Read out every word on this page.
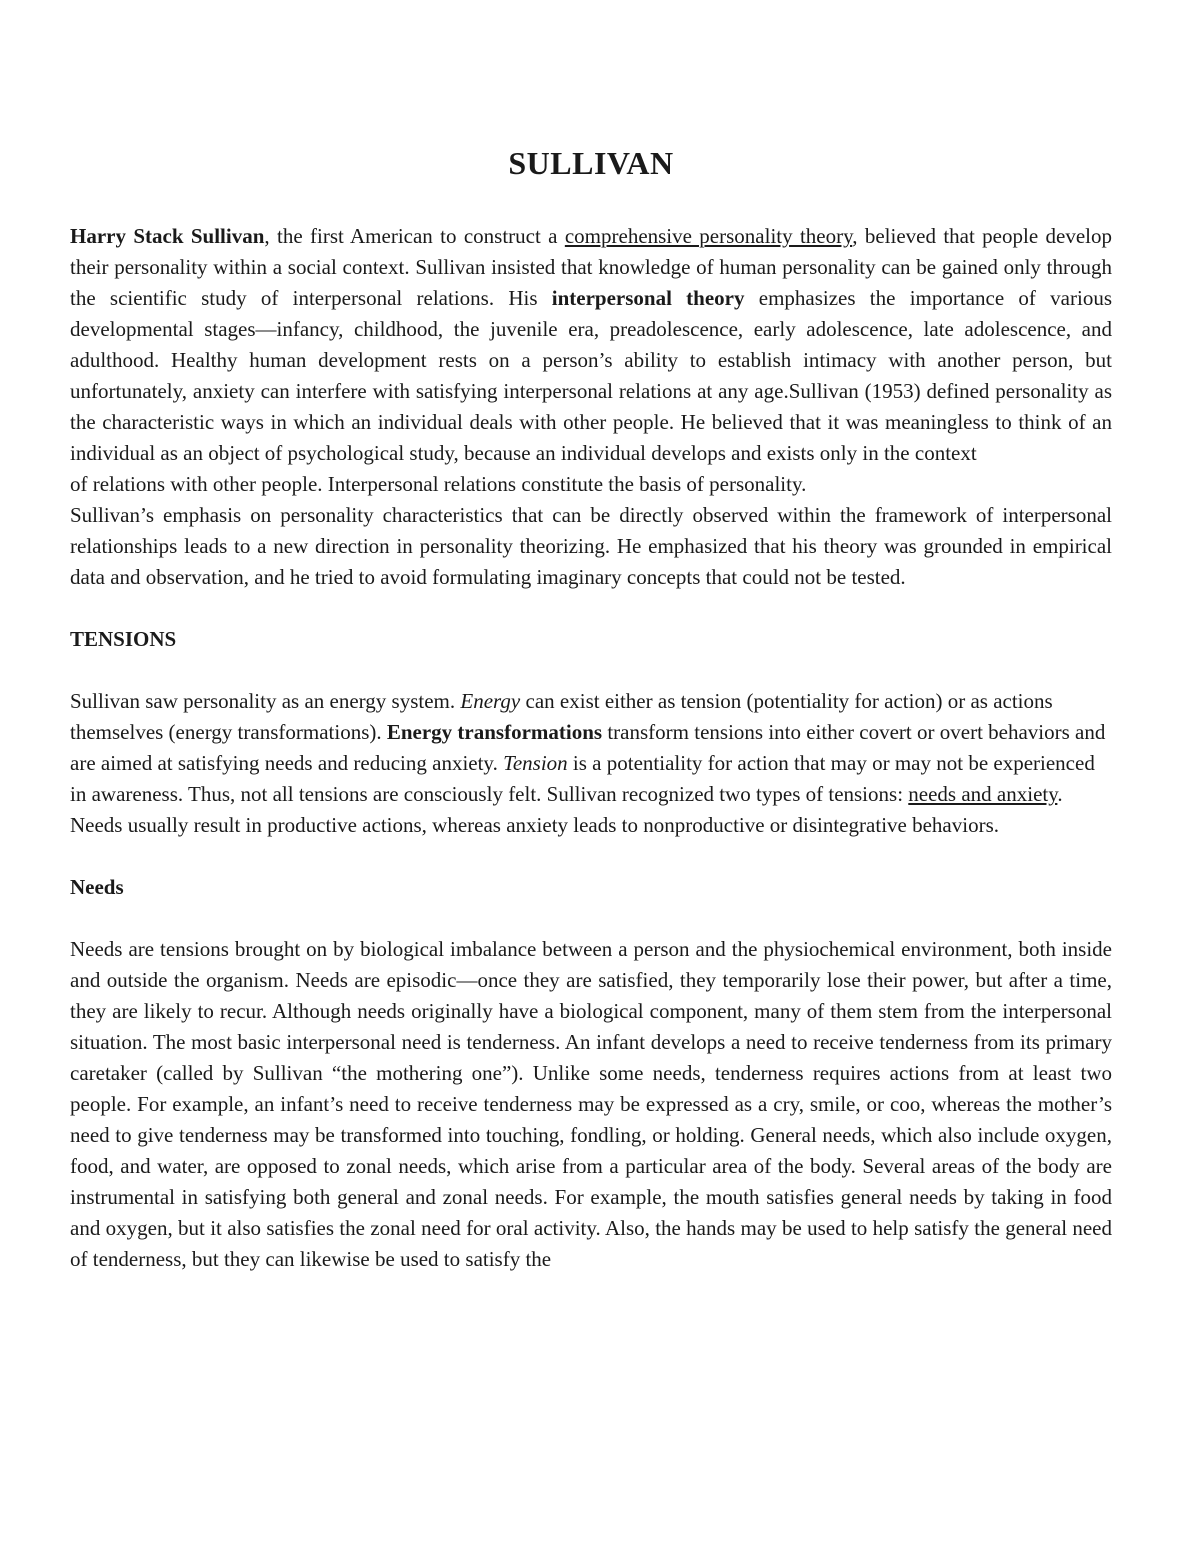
SULLIVAN

Harry Stack Sullivan, the first American to construct a comprehensive personality theory, believed that people develop their personality within a social context. Sullivan insisted that knowledge of human personality can be gained only through the scientific study of interpersonal relations. His interpersonal theory emphasizes the importance of various developmental stages—infancy, childhood, the juvenile era, preadolescence, early adolescence, late adolescence, and adulthood. Healthy human development rests on a person’s ability to establish intimacy with another person, but unfortunately, anxiety can interfere with satisfying interpersonal relations at any age.Sullivan (1953) defined personality as the characteristic ways in which an individual deals with other people. He believed that it was meaningless to think of an individual as an object of psychological study, because an individual develops and exists only in the context

of relations with other people. Interpersonal relations constitute the basis of personality.

Sullivan’s emphasis on personality characteristics that can be directly observed within the framework of interpersonal relationships leads to a new direction in personality theorizing. He emphasized that his theory was grounded in empirical data and observation, and he tried to avoid formulating imaginary concepts that could not be tested.

TENSIONS

Sullivan saw personality as an energy system. Energy can exist either as tension (potentiality for action) or as actions themselves (energy transformations). Energy transformations transform tensions into either covert or overt behaviors and are aimed at satisfying needs and reducing anxiety. Tension is a potentiality for action that may or may not be experienced in awareness. Thus, not all tensions are consciously felt. Sullivan recognized two types of tensions: needs and anxiety. Needs usually result in productive actions, whereas anxiety leads to nonproductive or disintegrative behaviors.

Needs

Needs are tensions brought on by biological imbalance between a person and the physiochemical environment, both inside and outside the organism. Needs are episodic—once they are satisfied, they temporarily lose their power, but after a time, they are likely to recur. Although needs originally have a biological component, many of them stem from the interpersonal situation. The most basic interpersonal need is tenderness. An infant develops a need to receive tenderness from its primary caretaker (called by Sullivan “the mothering one”). Unlike some needs, tenderness requires actions from at least two people. For example, an infant’s need to receive tenderness may be expressed as a cry, smile, or coo, whereas the mother’s need to give tenderness may be transformed into touching, fondling, or holding. General needs, which also include oxygen, food, and water, are opposed to zonal needs, which arise from a particular area of the body. Several areas of the body are instrumental in satisfying both general and zonal needs. For example, the mouth satisfies general needs by taking in food and oxygen, but it also satisfies the zonal need for oral activity. Also, the hands may be used to help satisfy the general need of tenderness, but they can likewise be used to satisfy the
